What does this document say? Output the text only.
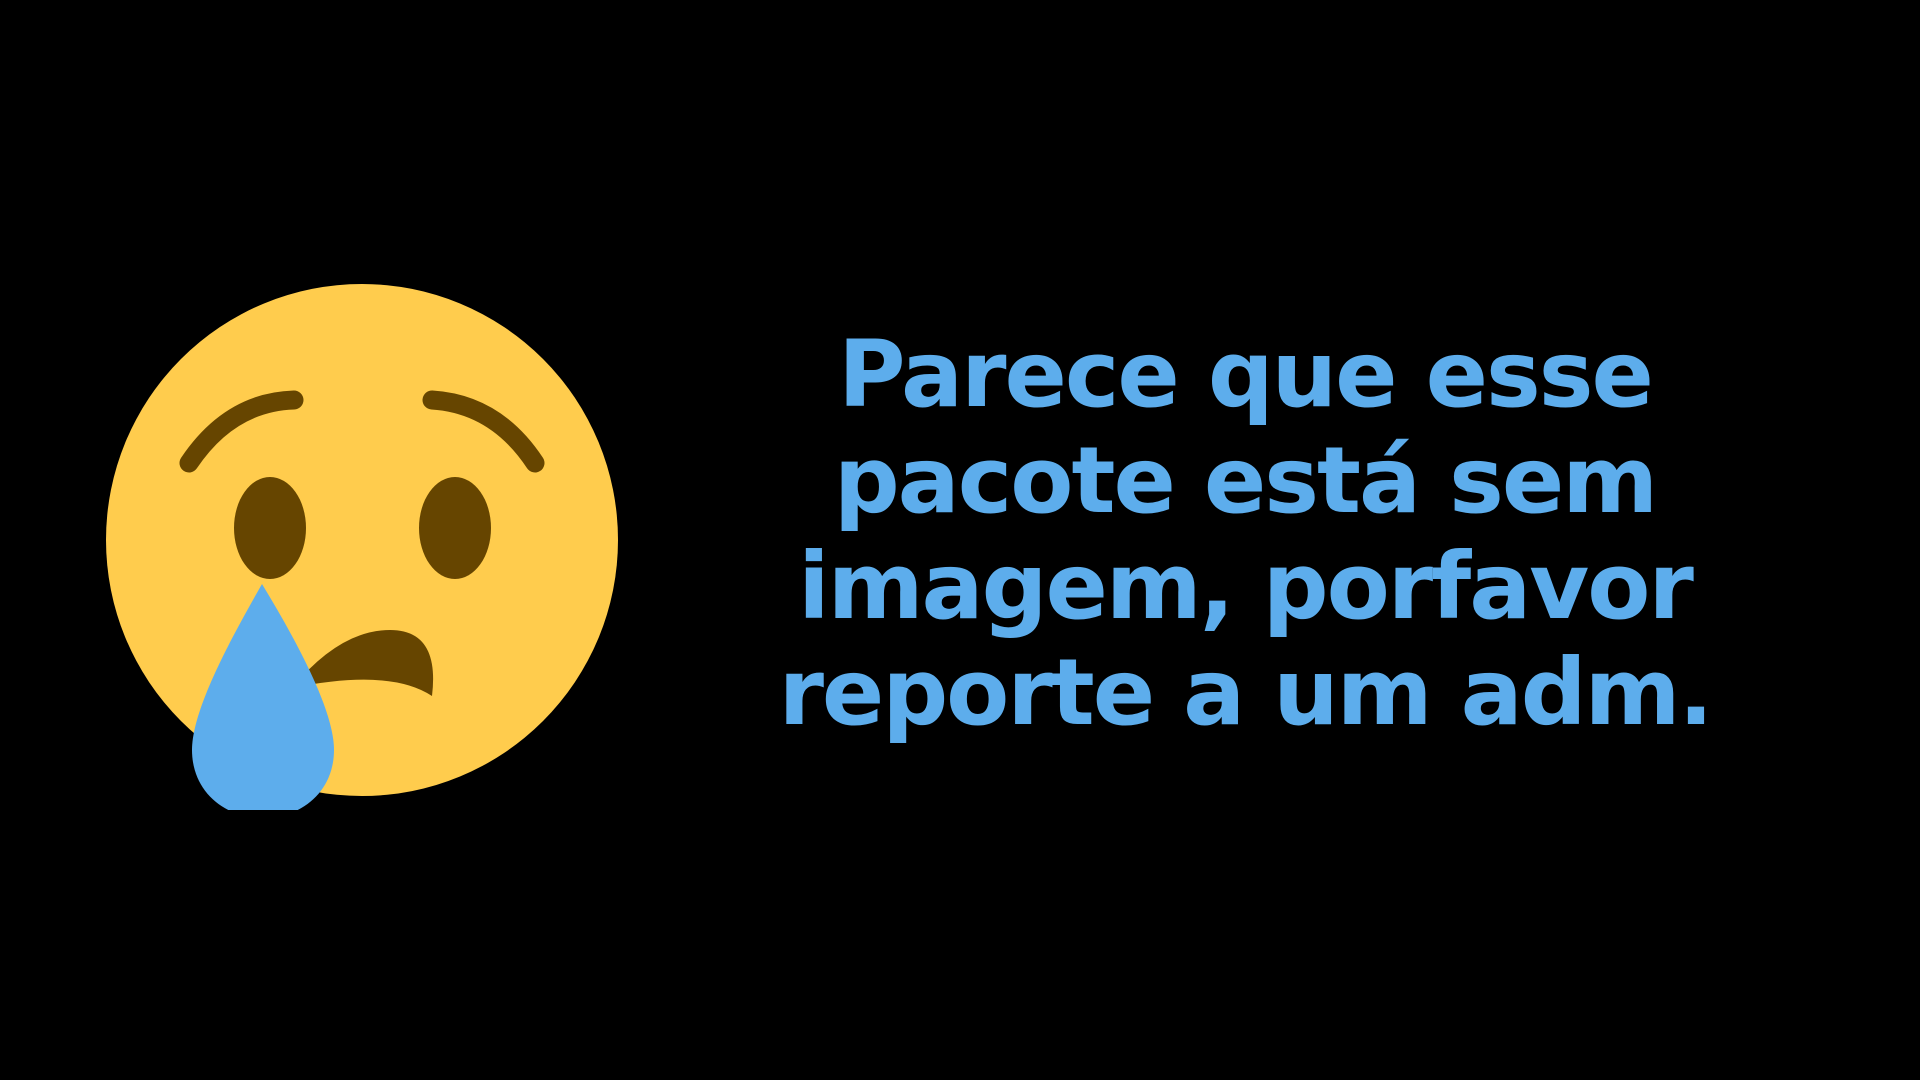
Parece que esse pacote está sem imagem, porfavor reporte a um adm.
